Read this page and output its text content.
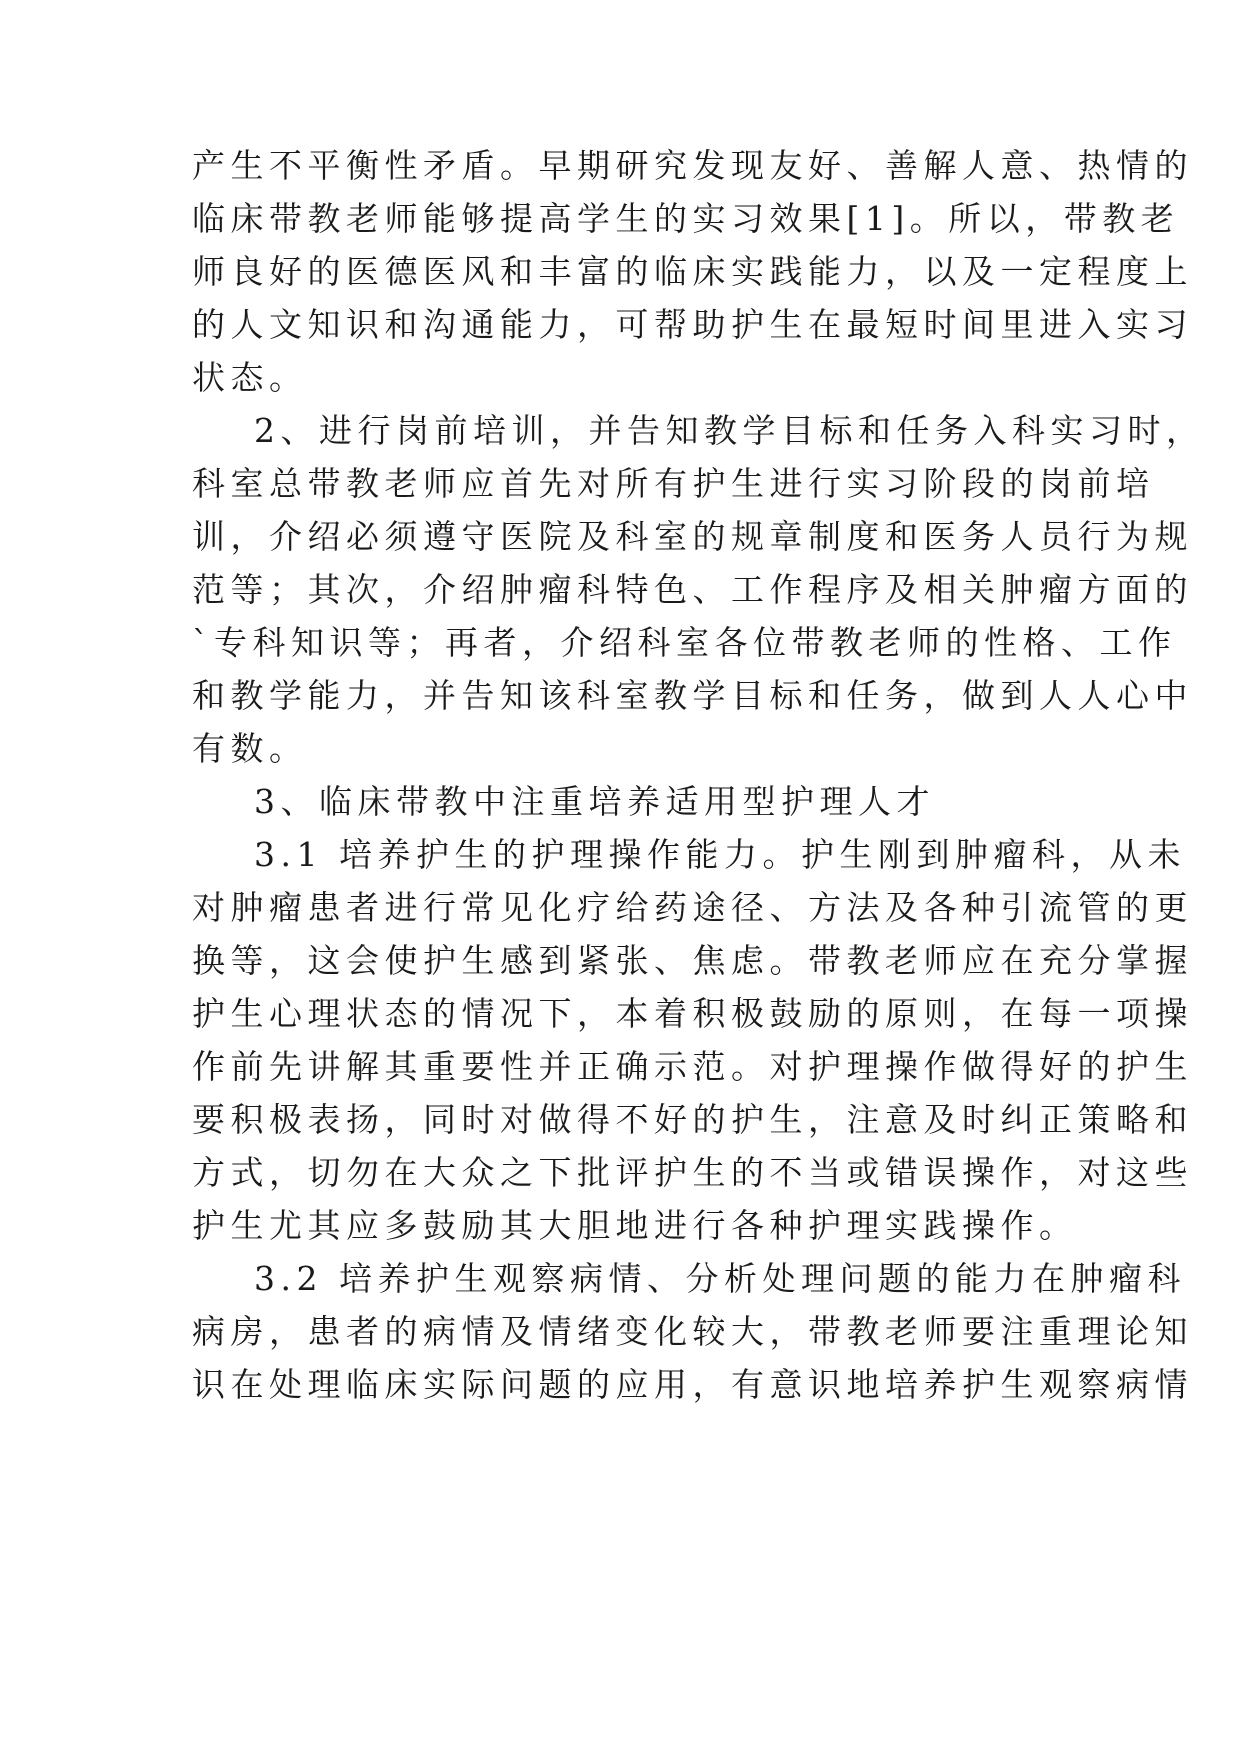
产生不平衡性矛盾。早期研究发现友好、善解人意、热情的
临床带教老师能够提高学生的实习效果[1]。所以，带教老
师良好的医德医风和丰富的临床实践能力，以及一定程度上
的人文知识和沟通能力，可帮助护生在最短时间里进入实习
状态。
2、进行岗前培训，并告知教学目标和任务入科实习时，
科室总带教老师应首先对所有护生进行实习阶段的岗前培
训，介绍必须遵守医院及科室的规章制度和医务人员行为规
范等；其次，介绍肿瘤科特色、工作程序及相关肿瘤方面的
`专科知识等；再者，介绍科室各位带教老师的性格、工作
和教学能力，并告知该科室教学目标和任务，做到人人心中
有数。
3、临床带教中注重培养适用型护理人才
3.1 培养护生的护理操作能力。护生刚到肿瘤科，从未
对肿瘤患者进行常见化疗给药途径、方法及各种引流管的更
换等，这会使护生感到紧张、焦虑。带教老师应在充分掌握
护生心理状态的情况下，本着积极鼓励的原则，在每一项操
作前先讲解其重要性并正确示范。对护理操作做得好的护生
要积极表扬，同时对做得不好的护生，注意及时纠正策略和
方式，切勿在大众之下批评护生的不当或错误操作，对这些
护生尤其应多鼓励其大胆地进行各种护理实践操作。
3.2 培养护生观察病情、分析处理问题的能力在肿瘤科
病房，患者的病情及情绪变化较大，带教老师要注重理论知
识在处理临床实际问题的应用，有意识地培养护生观察病情
